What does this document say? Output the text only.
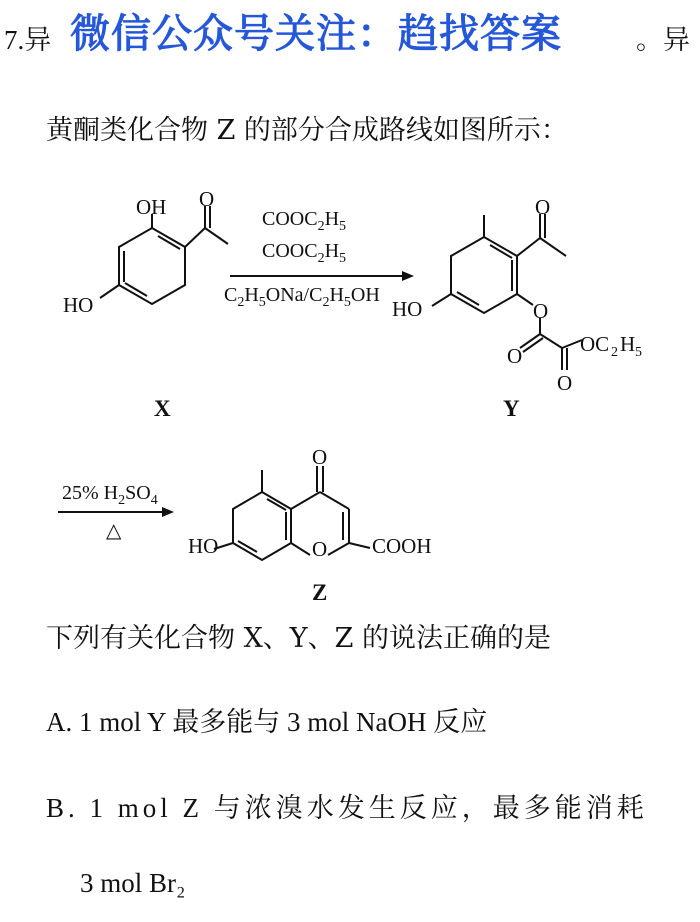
7.异	。异
微信公众号关注：趋找答案
黄酮类化合物 Z 的部分合成路线如图所示：
OH O
HO
O
HO	O
O
O
OC 2 H 5
O
HO	O COOH
$COOC_2H_5$
$COOC_2H_5$
$C_2H_5ONa/C_2H_5OH$
25% $H_2SO_4$
△
X	Y
Z
下列有关化合物 X、Y、Z 的说法正确的是
A. 1 mol Y 最多能与 3 mol NaOH 反应
B. 1 mol Z 与浓溴水发生反应，最多能消耗
3 mol Br₂
